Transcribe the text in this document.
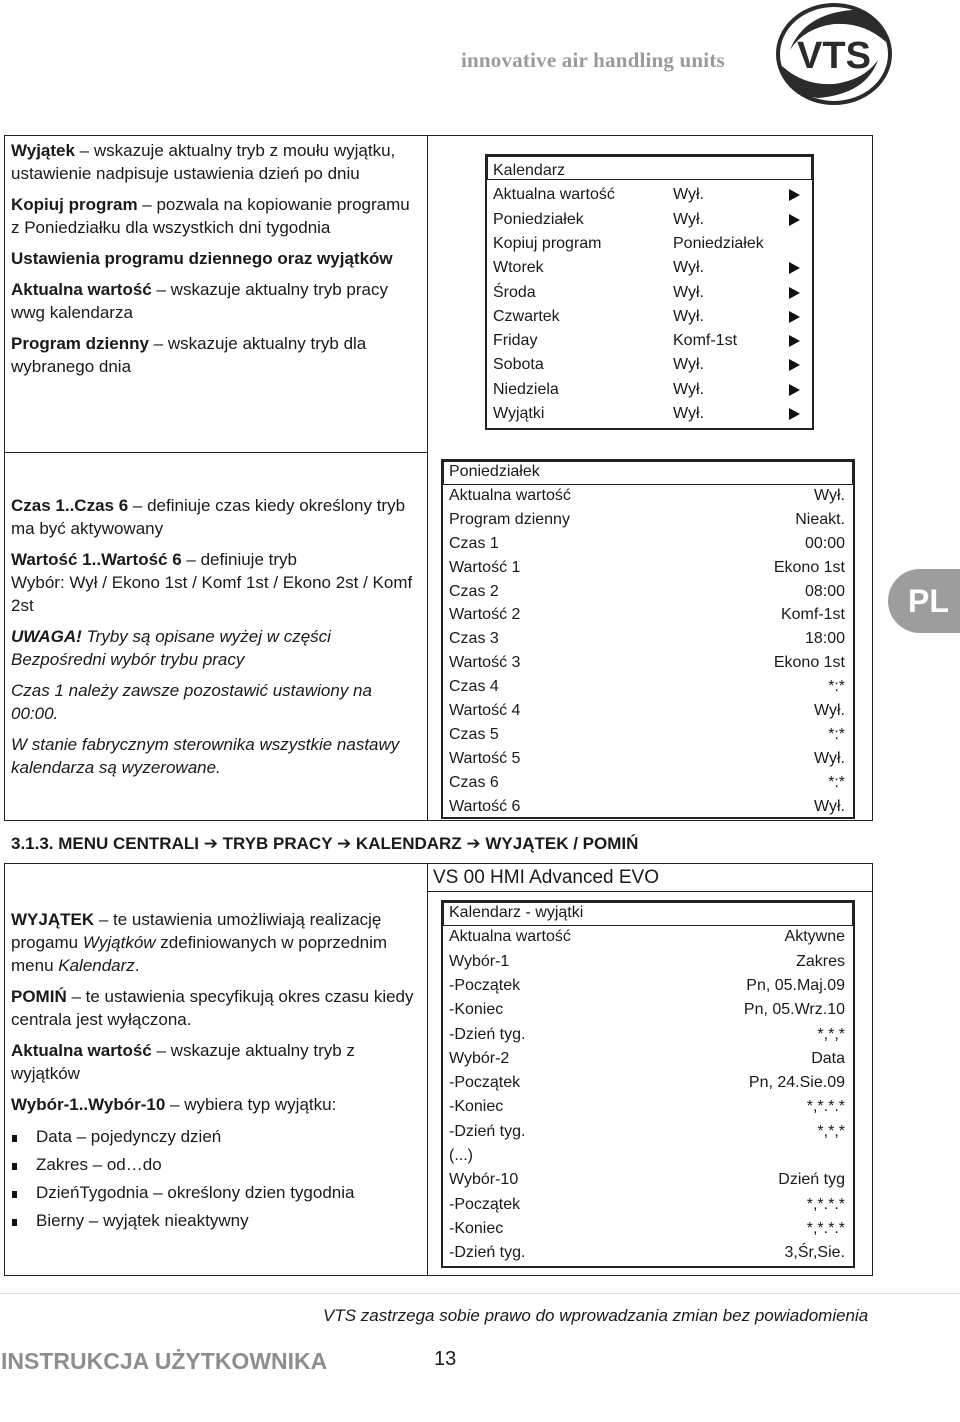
innovative air handling units VTS

Wyjątek – wskazuje aktualny tryb z moułu wyjątku, ustawienie nadpisuje ustawienia dzień po dniu

Kopiuj program – pozwala na kopiowanie programu z Poniedziałku dla wszystkich dni tygodnia

Ustawienia programu dziennego oraz wyjątków

Aktualna wartość – wskazuje aktualny tryb pracy wwg kalendarza

Program dzienny – wskazuje aktualny tryb dla wybranego dnia

Czas 1..Czas 6 – definiuje czas kiedy określony tryb ma być aktywowany

Wartość 1..Wartość 6 – definiuje tryb
Wybór: Wył / Ekono 1st / Komf 1st / Ekono 2st / Komf 2st

UWAGA! Tryby są opisane wyżej w części Bezpośredni wybór trybu pracy

Czas 1 należy zawsze pozostawić ustawiony na 00:00.

W stanie fabrycznym sterownika wszystkie nastawy kalendarza są wyzerowane.

Kalendarz
Aktualna wartość	Wył.
Poniedziałek	Wył.
Kopiuj program	Poniedziałek
Wtorek	Wył.
Środa	Wył.
Czwartek	Wył.
Friday	Komf-1st
Sobota	Wył.
Niedziela	Wył.
Wyjątki	Wył.
Poniedziałek
Aktualna wartość	Wył.
Program dzienny	Nieakt.
Czas 1	00:00
Wartość 1	Ekono 1st
Czas 2	08:00
Wartość 2	Komf-1st
Czas 3	18:00
Wartość 3	Ekono 1st
Czas 4	*:*
Wartość 4	Wył.
Czas 5	*:*
Wartość 5	Wył.
Czas 6	*:*
Wartość 6	Wył.
PL
3.1.3. MENU CENTRALI ➔ TRYB PRACY ➔ KALENDARZ ➔ WYJĄTEK / POMIŃ
VS 00 HMI Advanced EVO

WYJĄTEK – te ustawienia umożliwiają realizację progamu Wyjątków zdefiniowanych w poprzednim menu Kalendarz.

POMIŃ – te ustawienia specyfikują okres czasu kiedy centrala jest wyłączona.

Aktualna wartość – wskazuje aktualny tryb z wyjątków

Wybór-1..Wybór-10 – wybiera typ wyjątku:

Data – pojedynczy dzień
Zakres – od…do
DzieńTygodnia – określony dzien tygodnia
Bierny – wyjątek nieaktywny
Kalendarz - wyjątki
Aktualna wartość	Aktywne
Wybór-1	Zakres
-Początek	Pn, 05.Maj.09
-Koniec	Pn, 05.Wrz.10
-Dzień tyg.	*,*,*
Wybór-2	Data
-Początek	Pn, 24.Sie.09
-Koniec	*,*.*.*
-Dzień tyg.	*,*,*
(...)
Wybór-10	Dzień tyg
-Początek	*,*.*.*
-Koniec	*,*.*.*
-Dzień tyg.	3,Śr,Sie.
VTS zastrzega sobie prawo do wprowadzania zmian bez powiadomienia
INSTRUKCJA UŻYTKOWNIKA	13
